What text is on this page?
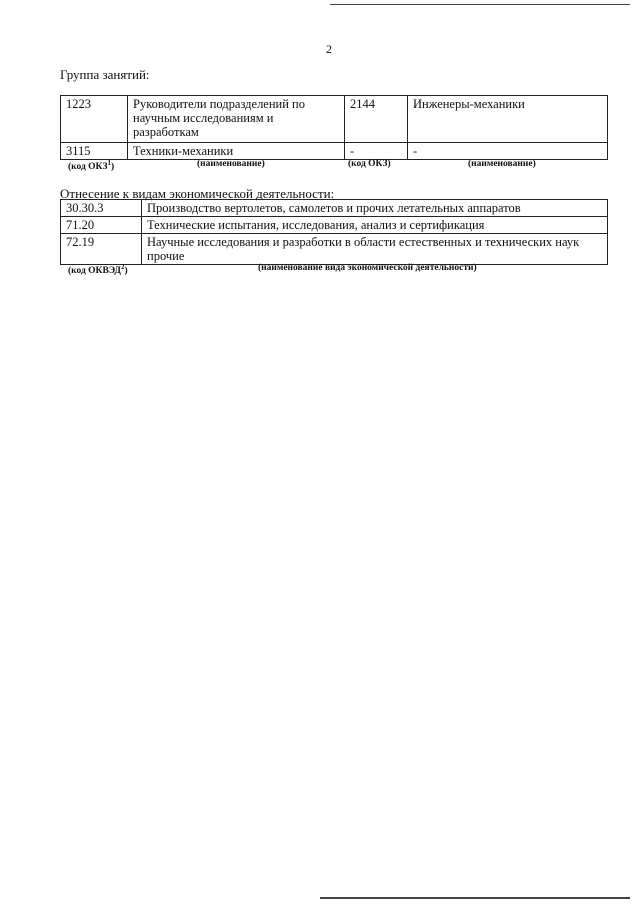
2
Группа занятий:
1223	Руководители подразделений по научным исследованиям и разработкам	2144	Инженеры-механики
3115	Техники-механики	-	-
(код ОКЗ$^1$)	(наименование)	(код ОКЗ)	(наименование)
Отнесение к видам экономической деятельности:
30.30.3	Производство вертолетов, самолетов и прочих летательных аппаратов
71.20	Технические испытания, исследования, анализ и сертификация
72.19	Научные исследования и разработки в области естественных и технических наук прочие
(код ОКВЭД$^2$)	(наименование вида экономической деятельности)
